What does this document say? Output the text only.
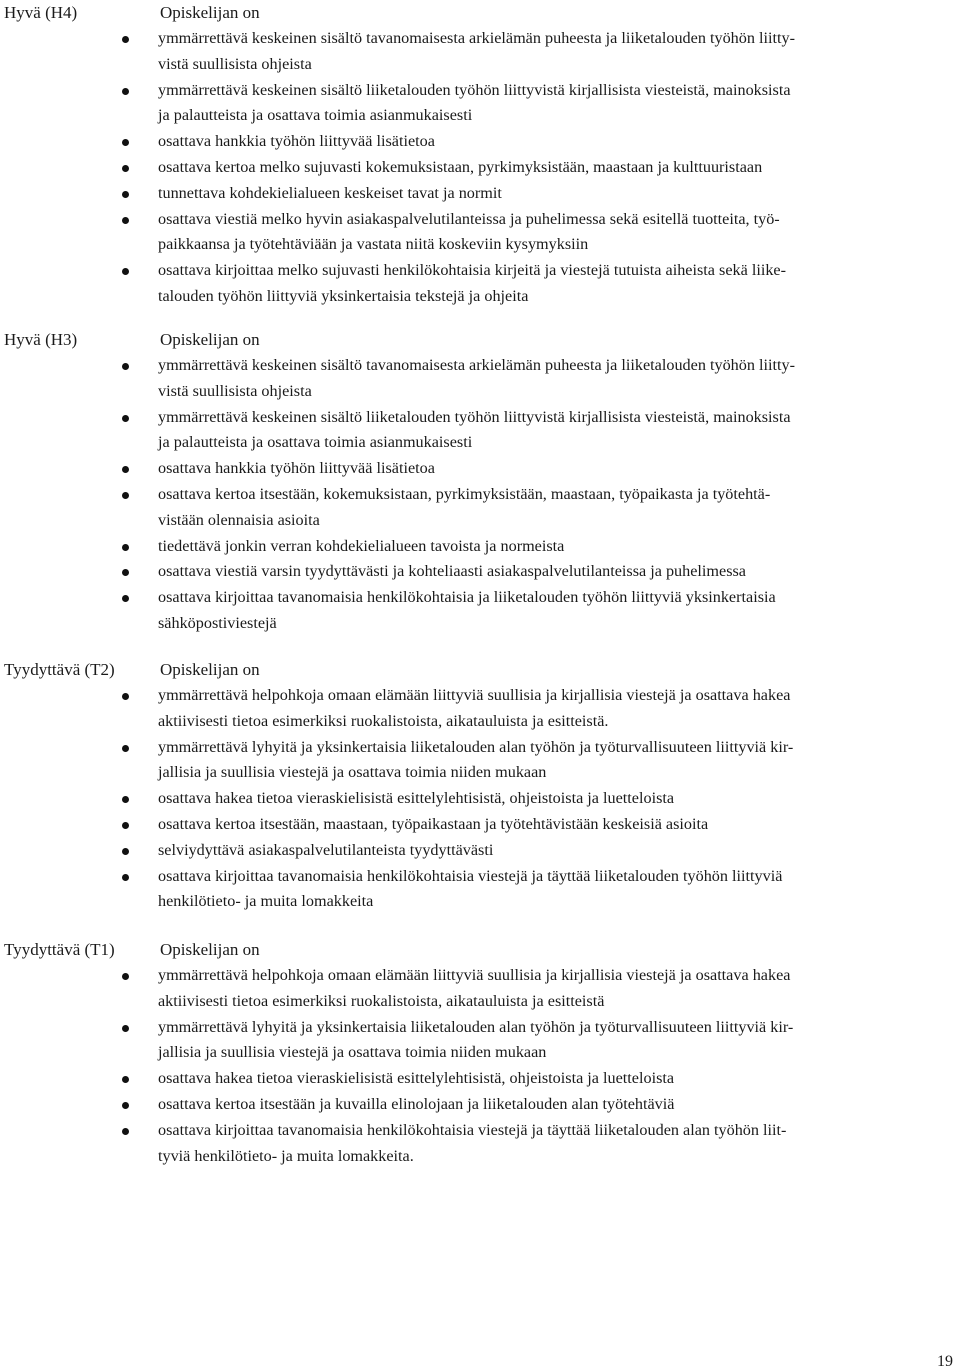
Hyvä (H4)	Opiskelijan on
ymmärrettävä keskeinen sisältö tavanomaisesta arkielämän puheesta ja liiketalouden työhön liitty-
vistä suullisista ohjeista
ymmärrettävä keskeinen sisältö liiketalouden työhön liittyvistä kirjallisista viesteistä, mainoksista
ja palautteista ja osattava toimia asianmukaisesti
osattava hankkia työhön liittyvää lisätietoa
osattava kertoa melko sujuvasti kokemuksistaan, pyrkimyksistään, maastaan ja kulttuuristaan
tunnettava kohdekielialueen keskeiset tavat ja normit
osattava viestiä melko hyvin asiakaspalvelutilanteissa ja puhelimessa sekä esitellä tuotteita, työ-
paikkaansa ja työtehtäviään ja vastata niitä koskeviin kysymyksiin
osattava kirjoittaa melko sujuvasti henkilökohtaisia kirjeitä ja viestejä tutuista aiheista sekä liike-
talouden työhön liittyviä yksinkertaisia tekstejä ja ohjeita
Hyvä (H3)	Opiskelijan on
ymmärrettävä keskeinen sisältö tavanomaisesta arkielämän puheesta ja liiketalouden työhön liitty-
vistä suullisista ohjeista
ymmärrettävä keskeinen sisältö liiketalouden työhön liittyvistä kirjallisista viesteistä, mainoksista
ja palautteista ja osattava toimia asianmukaisesti
osattava hankkia työhön liittyvää lisätietoa
osattava kertoa itsestään, kokemuksistaan, pyrkimyksistään, maastaan, työpaikasta ja työtehtä-
vistään olennaisia asioita
tiedettävä jonkin verran kohdekielialueen tavoista ja normeista
osattava viestiä varsin tyydyttävästi ja kohteliaasti asiakaspalvelutilanteissa ja puhelimessa
osattava kirjoittaa tavanomaisia henkilökohtaisia ja liiketalouden työhön liittyviä yksinkertaisia
sähköpostiviestejä
Tyydyttävä (T2)	Opiskelijan on
ymmärrettävä helpohkoja omaan elämään liittyviä suullisia ja kirjallisia viestejä ja osattava hakea
aktiivisesti tietoa esimerkiksi ruokalistoista, aikatauluista ja esitteistä.
ymmärrettävä lyhyitä ja yksinkertaisia liiketalouden alan työhön ja työturvallisuuteen liittyviä kir-
jallisia ja suullisia viestejä ja osattava toimia niiden mukaan
osattava hakea tietoa vieraskielisistä esittelylehtisistä, ohjeistoista ja luetteloista
osattava kertoa itsestään, maastaan, työpaikastaan ja työtehtävistään keskeisiä asioita
selviydyttävä asiakaspalvelutilanteista tyydyttävästi
osattava kirjoittaa tavanomaisia henkilökohtaisia viestejä ja täyttää liiketalouden työhön liittyviä
henkilötieto- ja muita lomakkeita
Tyydyttävä (T1)	Opiskelijan on
ymmärrettävä helpohkoja omaan elämään liittyviä suullisia ja kirjallisia viestejä ja osattava hakea
aktiivisesti tietoa esimerkiksi ruokalistoista, aikatauluista ja esitteistä
ymmärrettävä lyhyitä ja yksinkertaisia liiketalouden alan työhön ja työturvallisuuteen liittyviä kir-
jallisia ja suullisia viestejä ja osattava toimia niiden mukaan
osattava hakea tietoa vieraskielisistä esittelylehtisistä, ohjeistoista ja luetteloista
osattava kertoa itsestään ja kuvailla elinolojaan ja liiketalouden alan työtehtäviä
osattava kirjoittaa tavanomaisia henkilökohtaisia viestejä ja täyttää liiketalouden alan työhön liit-
tyviä henkilötieto- ja muita lomakkeita.
19
